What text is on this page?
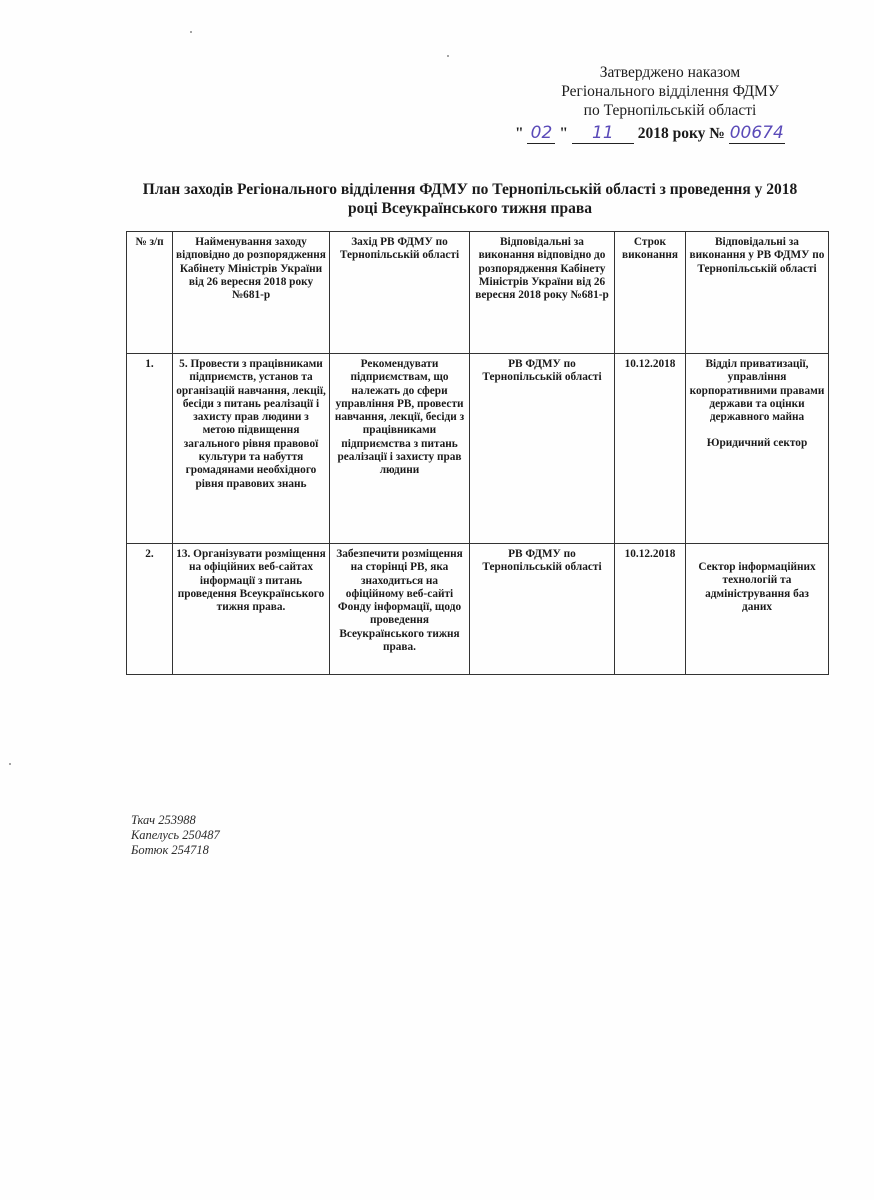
Затверджено наказом
Регіонального відділення ФДМУ
по Тернопільській області
" 02 " 11 2018 року № 00674
План заходів Регіонального відділення ФДМУ по Тернопільській області з проведення у 2018
році Всеукраїнського тижня права
№ з/п	Найменування заходу відповідно до розпорядження Кабінету Міністрів України від 26 вересня 2018 року №681-р	Захід РВ ФДМУ по Тернопільській області	Відповідальні за виконання відповідно до розпорядження Кабінету Міністрів України від 26 вересня 2018 року №681-р	Строк виконання	Відповідальні за виконання у РВ ФДМУ по Тернопільській області
1.	5. Провести з працівниками підприємств, установ та організацій навчання, лекції, бесіди з питань реалізації і захисту прав людини з метою підвищення загального рівня правової культури та набуття громадянами необхідного рівня правових знань	Рекомендувати підприємствам, що належать до сфери управління РВ, провести навчання, лекції, бесіди з працівниками підприємства з питань реалізації і захисту прав людини	РВ ФДМУ по Тернопільській області	10.12.2018	Відділ приватизації, управління корпоративними правами держави та оцінки державного майна
Юридичний сектор
2.	13. Організувати розміщення на офіційних веб-сайтах інформації з питань проведення Всеукраїнського тижня права.	Забезпечити розміщення на сторінці РВ, яка знаходиться на офіційному веб-сайті Фонду інформації, щодо проведення Всеукраїнського тижня права.	РВ ФДМУ по Тернопільській області	10.12.2018	Сектор інформаційних технологій та адміністрування баз даних
Ткач 253988
Капелусь 250487
Ботюк 254718
